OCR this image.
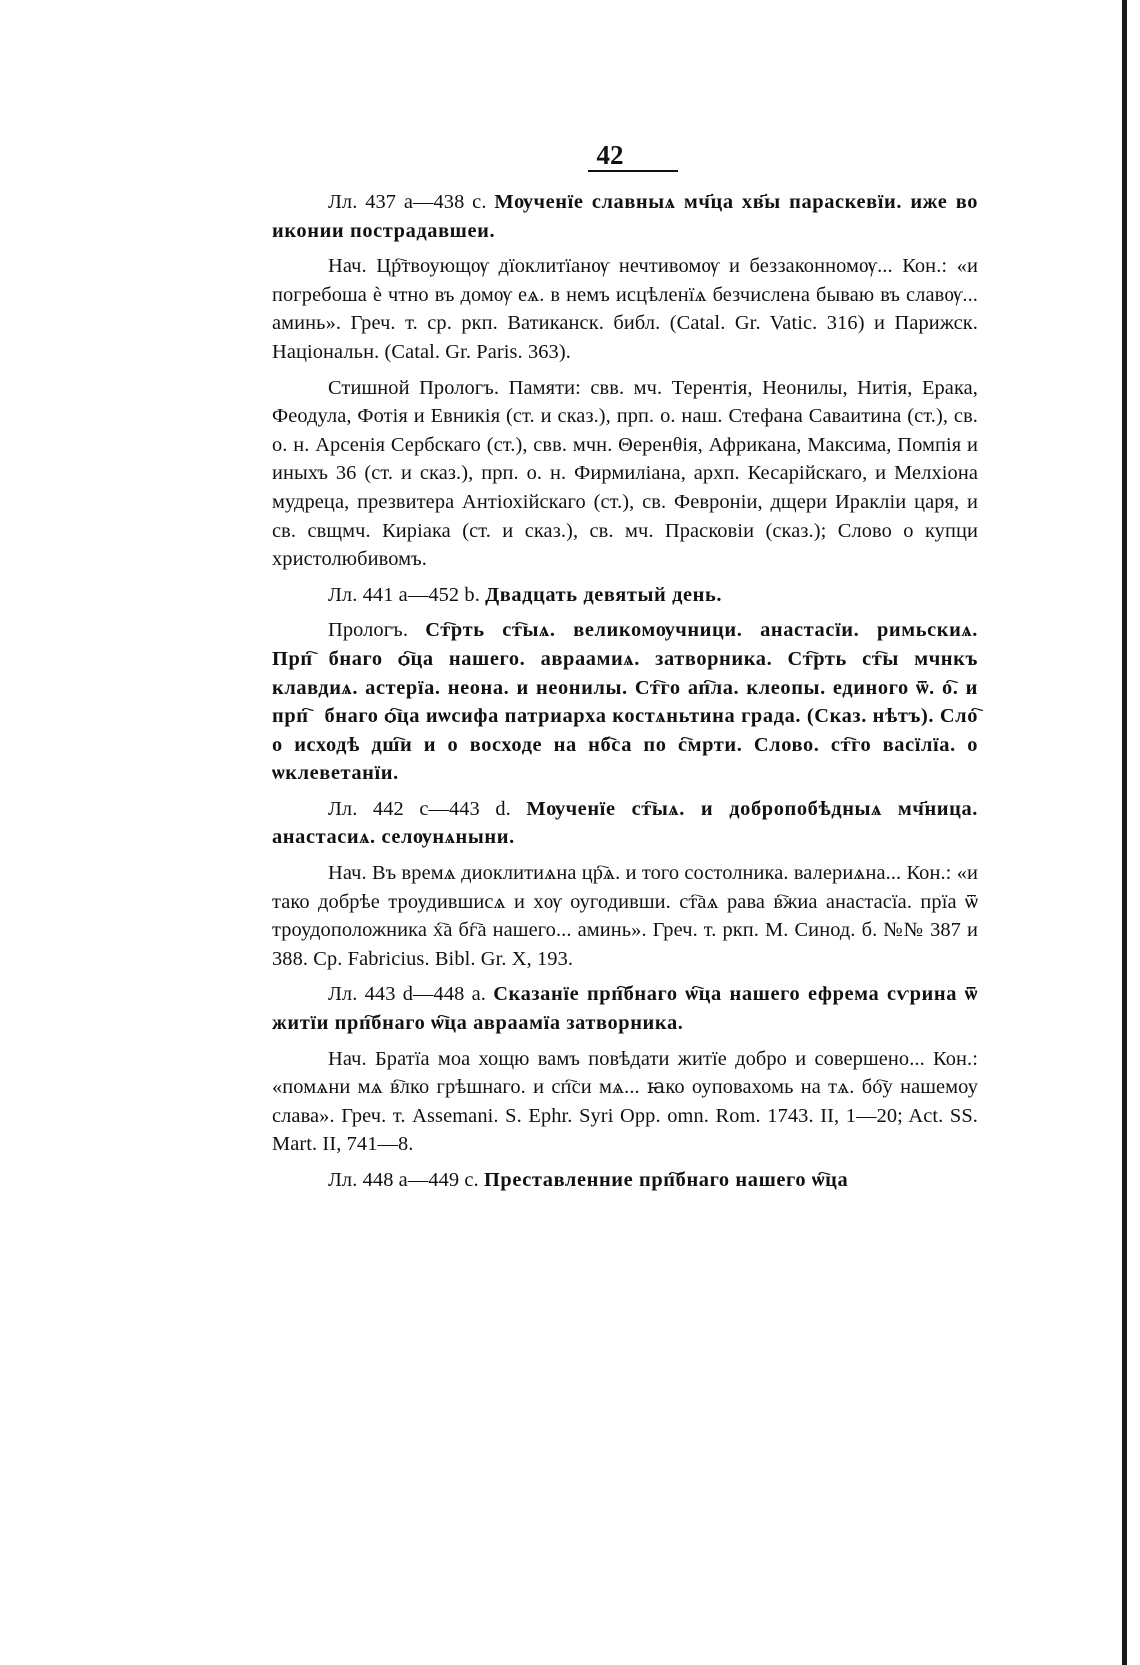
42

Лл. 437 а—438 с. Мѹченїе славныѧ мч҃ца хв҃ы параскевїи. иже во иконии пострадавшеи.

Нач. Цр҇твоующѹ дїоклитїанѹ нечтивомѹ и беззаконномѹ... Кон.: «и погребоша ѐ чтно въ домѹ еѧ. в немъ исцѣленїѧ безчислена бываю въ славѹ... аминь». Греч. т. ср. ркп. Ватиканск. библ. (Catal. Gr. Vatic. 316) и Парижск. Національн. (Catal. Gr. Paris. 363).

Стишной Прологъ. Памяти: свв. мч. Терентія, Неонилы, Нитія, Ерака, Феодула, Фотія и Евникія (ст. и сказ.), прп. о. наш. Стефана Саваитина (ст.), св. о. н. Арсенія Сербскаго (ст.), свв. мчн. Θеренθія, Африкана, Максима, Помпія и иныхъ 36 (ст. и сказ.), прп. о. н. Фирмиліана, архп. Кесарійскаго, и Мелхіона мудреца, презвитера Антіохійскаго (ст.), св. Февроніи, дщери Иракліи царя, и св. свщмч. Киріака (ст. и сказ.), св. мч. Прасковіи (сказ.); Слово о купци христолюбивомъ.

Лл. 441 а—452 b. Двадцать девятый день.

Прологъ. Ст҇рть ст҇ыѧ. великомѹчници. анастасїи. римьскиѧ. Прп҇ⷪбнаго ѻ҇ца нашего. авраамиѧ. затворника. Ст҇рть ст҇ы мчнкъ клавдиѧ. астерїа. неона. и неонилы. Ст҇го ап҇ла. клеопы. единого ѿ. о҇. и прп҇ⷪбнаго ѻ҇ца иѡсифа патриарха костѧньтина града. (Сказ. нѣтъ). Сло҇ о исходѣ дш҇и и о восходе на нб҇са по с҇мрти. Слово. ст҇го васїлїа. о ѡклеветанїи.

Лл. 442 с—443 d. Мѹченїе ст҇ыѧ. и добропобѣдныѧ мч҃ница. анастасиѧ. селѹнѧныни.

Нач. Въ времѧ диоклитиѧна цр҇ѧ. и того состолника. валериѧна... Кон.: «и тако добрѣе троудившисѧ и хѹ оугодивши. ст҇аѧ рава в҇жиа анастасїа. прїа ѿ троудоположника х҇а бг҇а нашего... аминь». Греч. т. ркп. М. Синод. б. №№ 387 и 388. Ср. Fabricius. Bibl. Gr. X, 193.

Лл. 443 d—448 а. Сказанїе прп҇бнаго ѡ҇ца нашего ефрема сѵрина ѿ житїи прп҇бнаго ѡ҇ца авраамїа затворника.

Нач. Братїа моа хощю вамъ повѣдати житїе добро и совершено... Кон.: «помѧни мѧ в҇лко грѣшнаго. и сп҇си мѧ... ꙗко оуповахомь на тѧ. бо҇у нашемоу слава». Греч. т. Assemani. S. Ephr. Syri Opp. omn. Rom. 1743. II, 1—20; Act. SS. Mart. II, 741—8.

Лл. 448 а—449 с. Преставленние прп҇бнаго нашего ѡ҇ца
